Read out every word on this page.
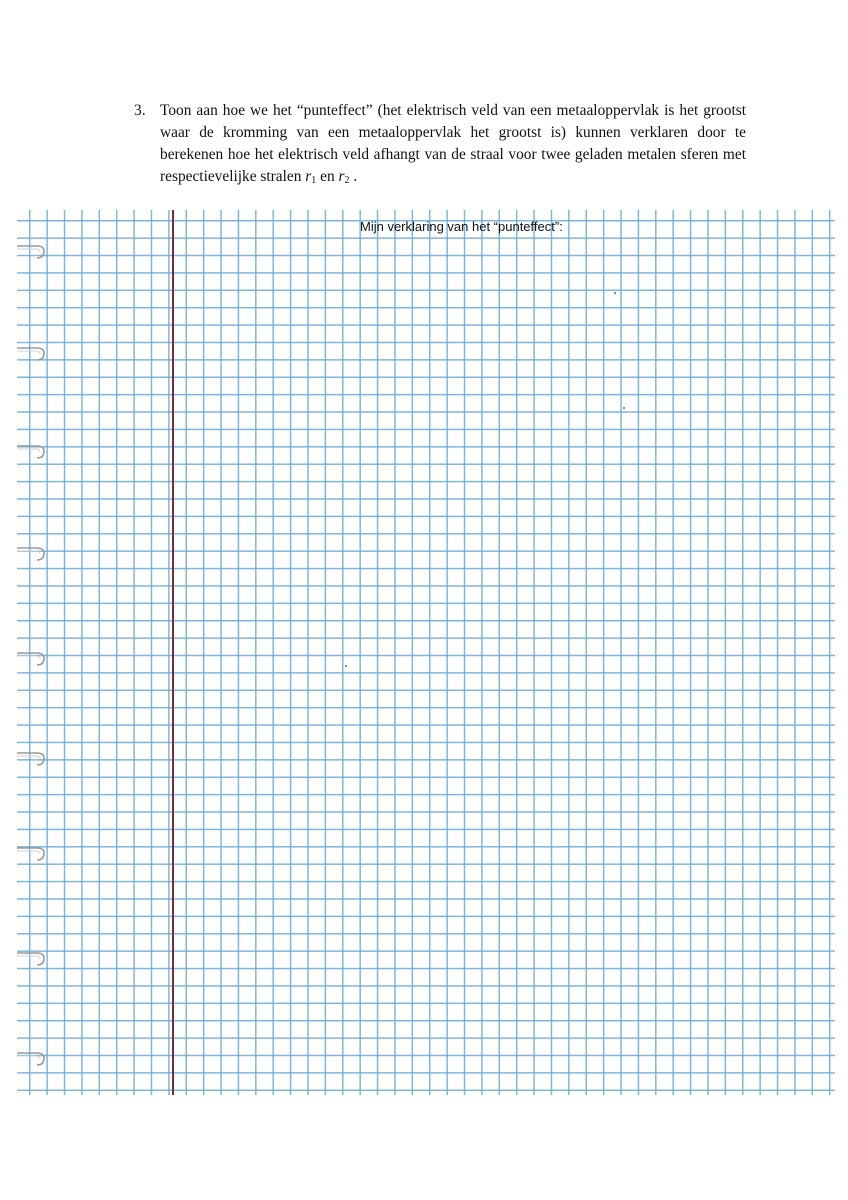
3. Toon aan hoe we het “punteffect” (het elektrisch veld van een metaaloppervlak is het grootst waar de kromming van een metaaloppervlak het grootst is) kunnen verklaren door te berekenen hoe het elektrisch veld afhangt van de straal voor twee geladen metalen sferen met respectievelijke stralen $r_1$ en $r_2$ .
Mijn verklaring van het “punteffect”:
